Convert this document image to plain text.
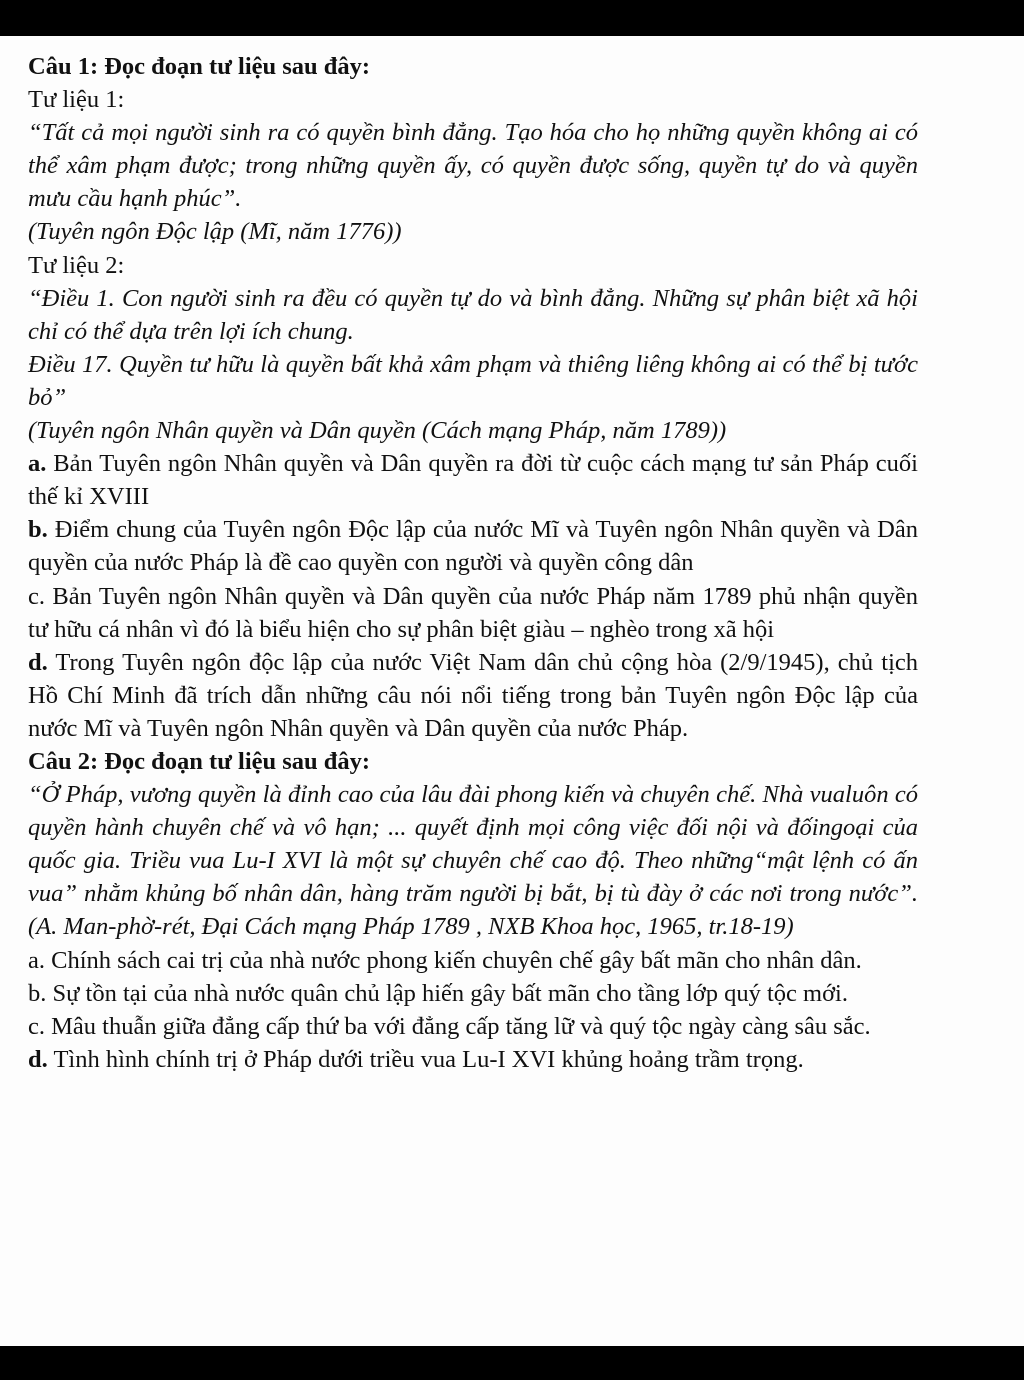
Câu 1: Đọc đoạn tư liệu sau đây:

Tư liệu 1:

“Tất cả mọi người sinh ra có quyền bình đẳng. Tạo hóa cho họ những quyền không ai có thể xâm phạm được; trong những quyền ấy, có quyền được sống, quyền tự do và quyền mưu cầu hạnh phúc”.

(Tuyên ngôn Độc lập (Mĩ, năm 1776))

Tư liệu 2:

“Điều 1. Con người sinh ra đều có quyền tự do và bình đẳng. Những sự phân biệt xã hội chỉ có thể dựa trên lợi ích chung.

Điều 17. Quyền tư hữu là quyền bất khả xâm phạm và thiêng liêng không ai có thể bị tước bỏ”

(Tuyên ngôn Nhân quyền và Dân quyền (Cách mạng Pháp, năm 1789))

a. Bản Tuyên ngôn Nhân quyền và Dân quyền ra đời từ cuộc cách mạng tư sản Pháp cuối thế kỉ XVIII

b. Điểm chung của Tuyên ngôn Độc lập của nước Mĩ và Tuyên ngôn Nhân quyền và Dân quyền của nước Pháp là đề cao quyền con người và quyền công dân

c. Bản Tuyên ngôn Nhân quyền và Dân quyền của nước Pháp năm 1789 phủ nhận quyền tư hữu cá nhân vì đó là biểu hiện cho sự phân biệt giàu – nghèo trong xã hội

d. Trong Tuyên ngôn độc lập của nước Việt Nam dân chủ cộng hòa (2/9/1945), chủ tịch Hồ Chí Minh đã trích dẫn những câu nói nổi tiếng trong bản Tuyên ngôn Độc lập của nước Mĩ và Tuyên ngôn Nhân quyền và Dân quyền của nước Pháp.

Câu 2: Đọc đoạn tư liệu sau đây:

“Ở Pháp, vương quyền là đỉnh cao của lâu đài phong kiến và chuyên chế. Nhà vualuôn có quyền hành chuyên chế và vô hạn; ... quyết định mọi công việc đối nội và đốingoại của quốc gia. Triều vua Lu-I XVI là một sự chuyên chế cao độ. Theo những“mật lệnh có ấn vua” nhằm khủng bố nhân dân, hàng trăm người bị bắt, bị tù đày ở các nơi trong nước”.(A. Man-phờ-rét, Đại Cách mạng Pháp 1789 , NXB Khoa học, 1965, tr.18-19)

a. Chính sách cai trị của nhà nước phong kiến chuyên chế gây bất mãn cho nhân dân.

b. Sự tồn tại của nhà nước quân chủ lập hiến gây bất mãn cho tầng lớp quý tộc mới.

c. Mâu thuẫn giữa đẳng cấp thứ ba với đẳng cấp tăng lữ và quý tộc ngày càng sâu sắc.

d. Tình hình chính trị ở Pháp dưới triều vua Lu-I XVI khủng hoảng trầm trọng.
